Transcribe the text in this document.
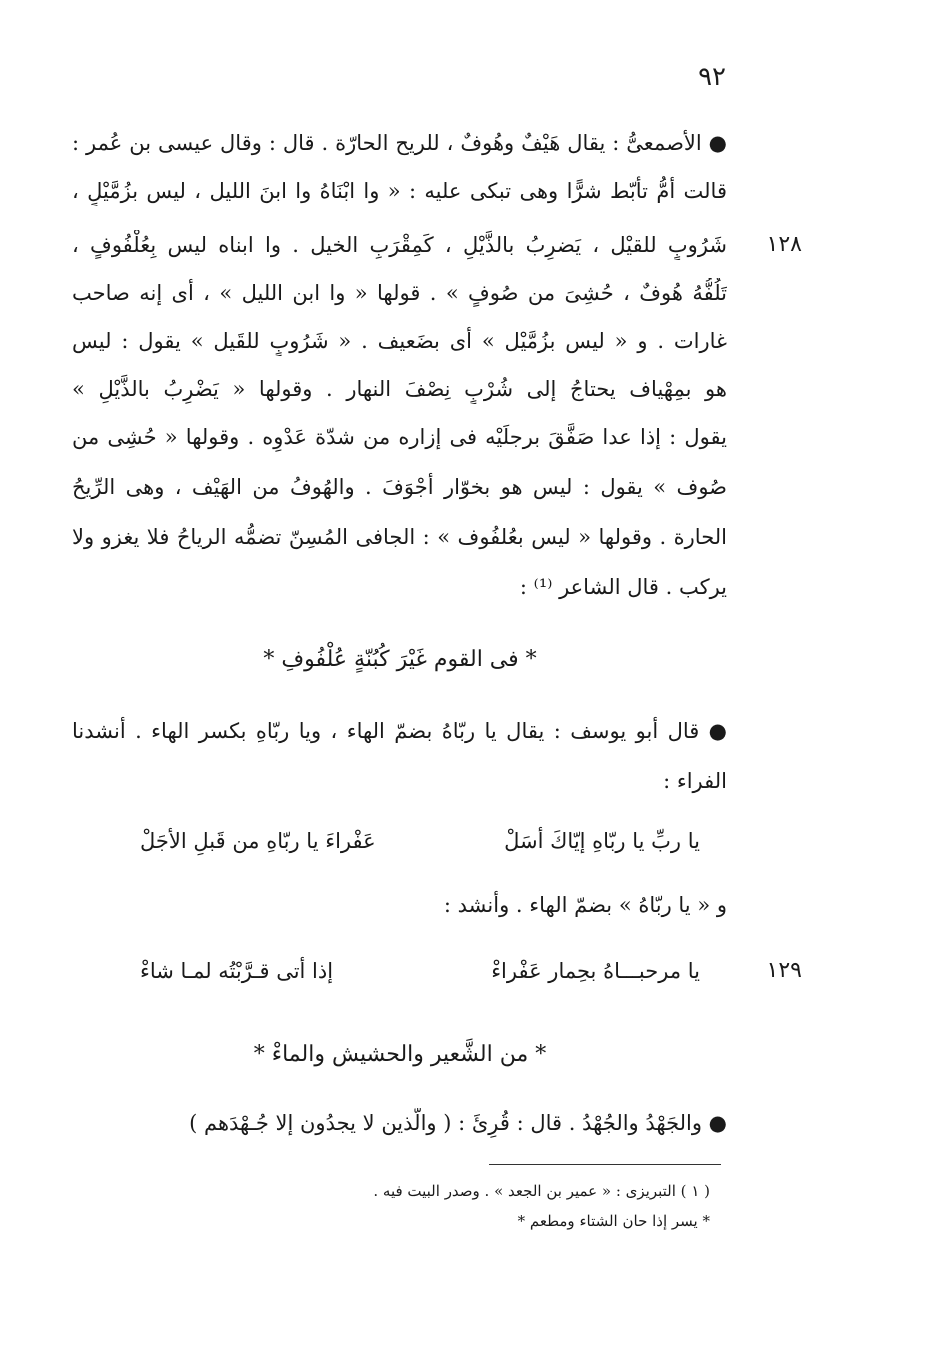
٩٢
● الأصمعىُّ : يقال هَيْفٌ وهُوفٌ ، للريح الحارّة . قال : وقال عيسى بن عُمر :
قالت أمُّ تأبّط شرًّا وهى تبكى عليه : « وا ابْنَاهُ وا ابنَ الليل ، ليس بزُمَّيْلٍ ،
شَرُوبٍ للقيْل ، يَضرِبُ بالذَّيْلِ ، كَمِقْرَبِ الخيل . وا ابناه ليس بِعُلْفُوفٍ ،	١٢٨
تَلُفُّهُ هُوفٌ ، حُشِىَ من صُوفٍ » . قولها « وا ابن الليل » ، أى إنه صاحب
غارات . و « ليس بزُمَّيْل » أى بضَعيف . « شَرُوبٍ للقَيل » يقول : ليس
هو بمِهْياف يحتاجُ إلى شُرْبٍ نِصْفَ النهار . وقولها « يَضْرِبُ بالذَّيْلِ »
يقول : إذا عدا صَفَّقَ برجلَيْه فى إزاره من شدّة عَدْوِه . وقولها « حُشِى من
صُوف » يقول : ليس هو بخوّار أجْوَفَ . والهُوفُ من الهَيْف ، وهى الرِّيحُ
الحارة . وقولها « ليس بعُلفُوف » : الجافى المُسِنّ تضمُّه الرياحُ فلا يغزو ولا
يركب . قال الشاعر ⁽¹⁾ :
* فى القوم غَيْرَ كُبُنّةٍ عُلْفُوفِ *
● قال أبو يوسف : يقال يا ربّاهُ بضمّ الهاء ، ويا ربّاهِ بكسر الهاء . أنشدنا
الفراء :
يا ربِّ يا ربّاهِ إيّاكَ أسَلْ
عَفْراءَ يا ربّاهِ من قَبلِ الأجَلْ
و « يا ربّاهُ » بضمّ الهاء . وأنشد :
يا مرحبـــاهُ بحِمار عَفْراءْ
إذا أتى قـرَّبْتُه لمـا شاءْ	١٢٩
* من الشَّعير والحشيش والماءْ *
● والجَهْدُ والجُهْدُ . قال : قُرِئَ : ( والّذين لا يجدُون إلا جُـهْدَهم )
( ١ ) التبريزى : « عمير بن الجعد » . وصدر البيت فيه .
* يسر إذا حان الشتاء ومطعم *
